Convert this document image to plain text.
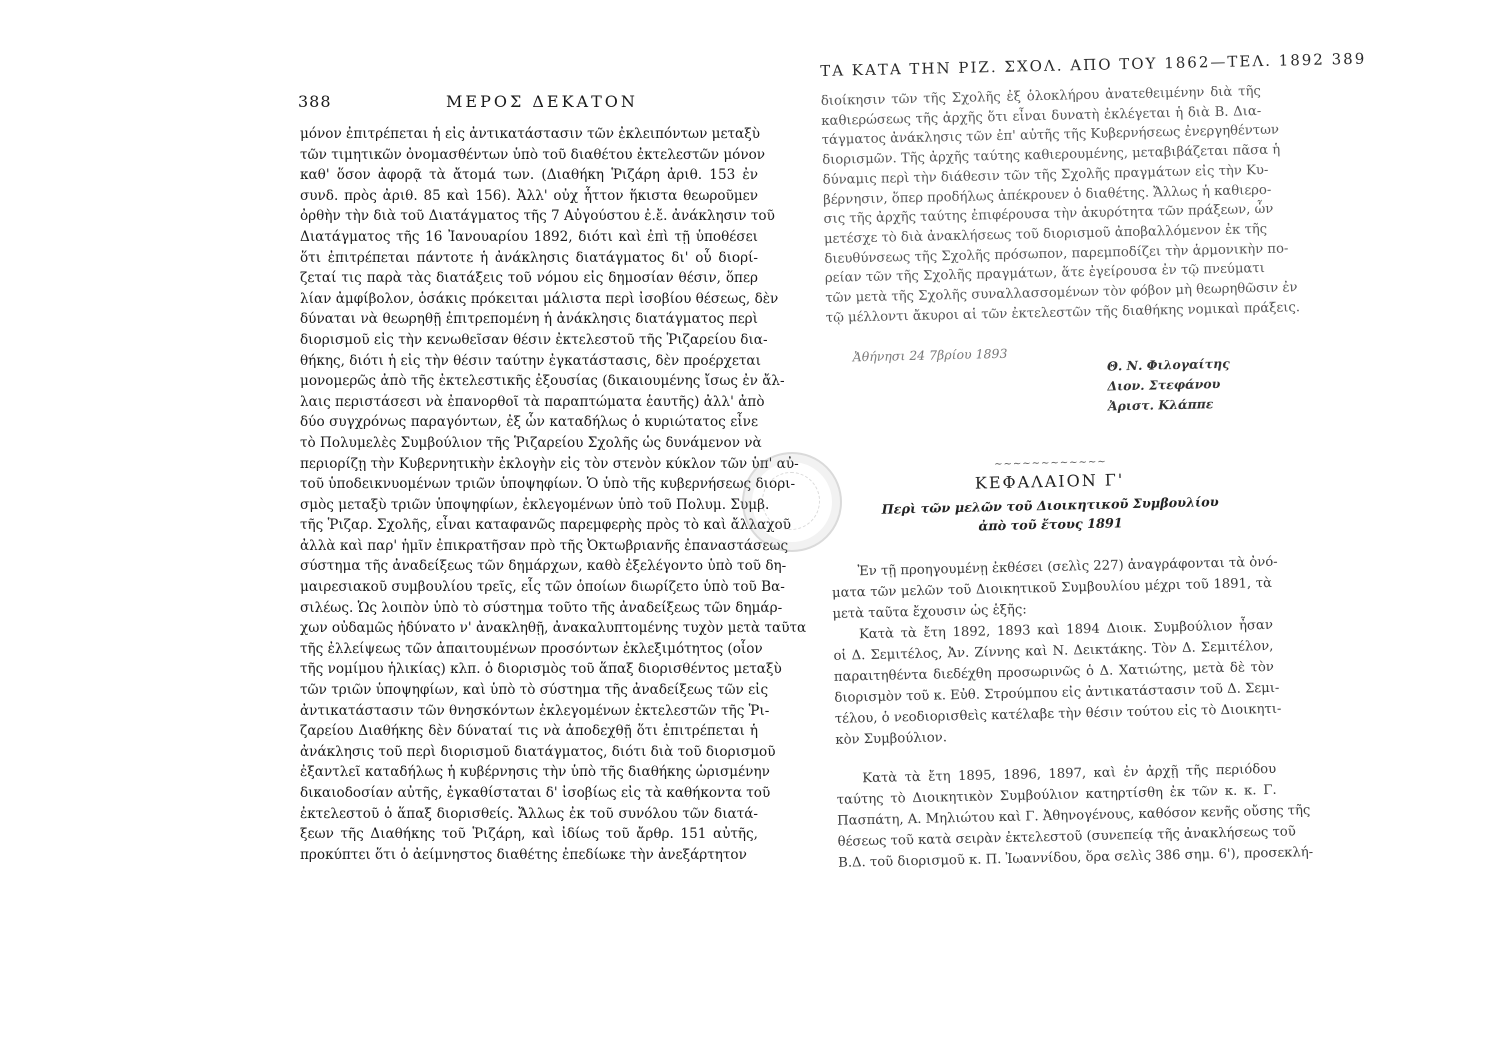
388	ΜΕΡΟΣ ΔΕΚΑΤΟΝ
μόνον ἐπιτρέπεται ἡ εἰς ἀντικατάστασιν τῶν ἐκλειπόντων μεταξὺ
τῶν τιμητικῶν ὀνομασθέντων ὑπὸ τοῦ διαθέτου ἐκτελεστῶν μόνον
καθ' ὅσον ἀφορᾷ τὰ ἄτομά των. (Διαθήκη Ῥιζάρη ἀριθ. 153 ἐν
συνδ. πρὸς ἀριθ. 85 καὶ 156). Ἀλλ' οὐχ ἧττον ἥκιστα θεωροῦμεν
ὀρθὴν τὴν διὰ τοῦ Διατάγματος τῆς 7 Αὐγούστου ἐ.ἔ. ἀνάκλησιν τοῦ
Διατάγματος τῆς 16 Ἰανουαρίου 1892, διότι καὶ ἐπὶ τῇ ὑποθέσει
ὅτι ἐπιτρέπεται πάντοτε ἡ ἀνάκλησις διατάγματος δι' οὗ διορί-
ζεταί τις παρὰ τὰς διατάξεις τοῦ νόμου εἰς δημοσίαν θέσιν, ὅπερ
λίαν ἀμφίβολον, ὁσάκις πρόκειται μάλιστα περὶ ἰσοβίου θέσεως, δὲν
δύναται νὰ θεωρηθῇ ἐπιτρεπομένη ἡ ἀνάκλησις διατάγματος περὶ
διορισμοῦ εἰς τὴν κενωθεῖσαν θέσιν ἐκτελεστοῦ τῆς Ῥιζαρείου δια-
θήκης, διότι ἡ εἰς τὴν θέσιν ταύτην ἐγκατάστασις, δὲν προέρχεται
μονομερῶς ἀπὸ τῆς ἐκτελεστικῆς ἐξουσίας (δικαιουμένης ἴσως ἐν ἄλ-
λαις περιστάσεσι νὰ ἐπανορθοῖ τὰ παραπτώματα ἑαυτῆς) ἀλλ' ἀπὸ
δύο συγχρόνως παραγόντων, ἐξ ὧν καταδήλως ὁ κυριώτατος εἶνε
τὸ Πολυμελὲς Συμβούλιον τῆς Ῥιζαρείου Σχολῆς ὡς δυνάμενον νὰ
περιορίζῃ τὴν Κυβερνητικὴν ἐκλογὴν εἰς τὸν στενὸν κύκλον τῶν ὑπ' αὐ-
τοῦ ὑποδεικνυομένων τριῶν ὑποψηφίων. Ὁ ὑπὸ τῆς κυβερνήσεως διορι-
σμὸς μεταξὺ τριῶν ὑποψηφίων, ἐκλεγομένων ὑπὸ τοῦ Πολυμ. Συμβ.
τῆς Ῥιζαρ. Σχολῆς, εἶναι καταφανῶς παρεμφερὴς πρὸς τὸ καὶ ἄλλαχοῦ
ἀλλὰ καὶ παρ' ἡμῖν ἐπικρατῆσαν πρὸ τῆς Ὀκτωβριανῆς ἐπαναστάσεως
σύστημα τῆς ἀναδείξεως τῶν δημάρχων, καθὸ ἐξελέγοντο ὑπὸ τοῦ δη-
μαιρεσιακοῦ συμβουλίου τρεῖς, εἷς τῶν ὁποίων διωρίζετο ὑπὸ τοῦ Βα-
σιλέως. Ὡς λοιπὸν ὑπὸ τὸ σύστημα τοῦτο τῆς ἀναδείξεως τῶν δημάρ-
χων οὐδαμῶς ἠδύνατο ν' ἀνακληθῇ, ἀνακαλυπτομένης τυχὸν μετὰ ταῦτα
τῆς ἐλλείψεως τῶν ἀπαιτουμένων προσόντων ἐκλεξιμότητος (οἷον
τῆς νομίμου ἡλικίας) κλπ. ὁ διορισμὸς τοῦ ἅπαξ διορισθέντος μεταξὺ
τῶν τριῶν ὑποψηφίων, καὶ ὑπὸ τὸ σύστημα τῆς ἀναδείξεως τῶν εἰς
ἀντικατάστασιν τῶν θνησκόντων ἐκλεγομένων ἐκτελεστῶν τῆς Ῥι-
ζαρείου Διαθήκης δὲν δύναταί τις νὰ ἀποδεχθῇ ὅτι ἐπιτρέπεται ἡ
ἀνάκλησις τοῦ περὶ διορισμοῦ διατάγματος, διότι διὰ τοῦ διορισμοῦ
ἐξαντλεῖ καταδήλως ἡ κυβέρνησις τὴν ὑπὸ τῆς διαθήκης ὡρισμένην
δικαιοδοσίαν αὐτῆς, ἐγκαθίσταται δ' ἰσοβίως εἰς τὰ καθήκοντα τοῦ
ἐκτελεστοῦ ὁ ἅπαξ διορισθείς. Ἄλλως ἐκ τοῦ συνόλου τῶν διατά-
ξεων τῆς Διαθήκης τοῦ Ῥιζάρη, καὶ ἰδίως τοῦ ἄρθρ. 151 αὐτῆς,
προκύπτει ὅτι ὁ ἀείμνηστος διαθέτης ἐπεδίωκε τὴν ἀνεξάρτητον
ΤΑ ΚΑΤΑ ΤΗΝ ΡΙΖ. ΣΧΟΛ. ΑΠΟ ΤΟΥ 1862—ΤΕΛ. 1892 389
διοίκησιν τῶν τῆς Σχολῆς ἐξ ὁλοκλήρου ἀνατεθειμένην διὰ τῆς
καθιερώσεως τῆς ἀρχῆς ὅτι εἶναι δυνατὴ ἐκλέγεται ἡ διὰ Β. Δια-
τάγματος ἀνάκλησις τῶν ἐπ' αὐτῆς τῆς Κυβερνήσεως ἐνεργηθέντων
διορισμῶν. Τῆς ἀρχῆς ταύτης καθιερουμένης, μεταβιβάζεται πᾶσα ἡ
δύναμις περὶ τὴν διάθεσιν τῶν τῆς Σχολῆς πραγμάτων εἰς τὴν Κυ-
βέρνησιν, ὅπερ προδήλως ἀπέκρουεν ὁ διαθέτης. Ἄλλως ἡ καθιερο-
σις τῆς ἀρχῆς ταύτης ἐπιφέρουσα τὴν ἀκυρότητα τῶν πράξεων, ὧν
μετέσχε τὸ διὰ ἀνακλήσεως τοῦ διορισμοῦ ἀποβαλλόμενον ἐκ τῆς
διευθύνσεως τῆς Σχολῆς πρόσωπον, παρεμποδίζει τὴν ἁρμονικὴν πο-
ρείαν τῶν τῆς Σχολῆς πραγμάτων, ἅτε ἐγείρουσα ἐν τῷ πνεύματι
τῶν μετὰ τῆς Σχολῆς συναλλασσομένων τὸν φόβον μὴ θεωρηθῶσιν ἐν
τῷ μέλλοντι ἄκυροι αἱ τῶν ἐκτελεστῶν τῆς διαθήκης νομικαὶ πράξεις.
Ἀθήνησι 24 7βρίου 1893
Θ. Ν. Φιλογαίτης
Διον. Στεφάνου
Ἀριστ. Κλάππε
~~~~~~~~~~~~
ΚΕΦΑΛΑΙΟΝ Γ'
Περὶ τῶν μελῶν τοῦ Διοικητικοῦ Συμβουλίου
ἀπὸ τοῦ ἔτους 1891
Ἐν τῇ προηγουμένῃ ἐκθέσει (σελὶς 227) ἀναγράφονται τὰ ὀνό-
ματα τῶν μελῶν τοῦ Διοικητικοῦ Συμβουλίου μέχρι τοῦ 1891, τὰ
μετὰ ταῦτα ἔχουσιν ὡς ἑξῆς:
Κατὰ τὰ ἔτη 1892, 1893 καὶ 1894 Διοικ. Συμβούλιον ἦσαν
οἱ Δ. Σεμιτέλος, Ἀν. Ζίννης καὶ Ν. Δεικτάκης. Τὸν Δ. Σεμιτέλον,
παραιτηθέντα διεδέχθη προσωρινῶς ὁ Δ. Χατιώτης, μετὰ δὲ τὸν
διορισμὸν τοῦ κ. Εὐθ. Στρούμπου εἰς ἀντικατάστασιν τοῦ Δ. Σεμι-
τέλου, ὁ νεοδιορισθεὶς κατέλαβε τὴν θέσιν τούτου εἰς τὸ Διοικητι-
κὸν Συμβούλιον.
Κατὰ τὰ ἔτη 1895, 1896, 1897, καὶ ἐν ἀρχῇ τῆς περιόδου
ταύτης τὸ Διοικητικὸν Συμβούλιον κατηρτίσθη ἐκ τῶν κ. κ. Γ.
Πασπάτη, Α. Μηλιώτου καὶ Γ. Ἀθηνογένους, καθόσον κενῆς οὔσης τῆς
θέσεως τοῦ κατὰ σειρὰν ἐκτελεστοῦ (συνεπείᾳ τῆς ἀνακλήσεως τοῦ
Β.Δ. τοῦ διορισμοῦ κ. Π. Ἰωαννίδου, ὅρα σελὶς 386 σημ. 6'), προσεκλή-
